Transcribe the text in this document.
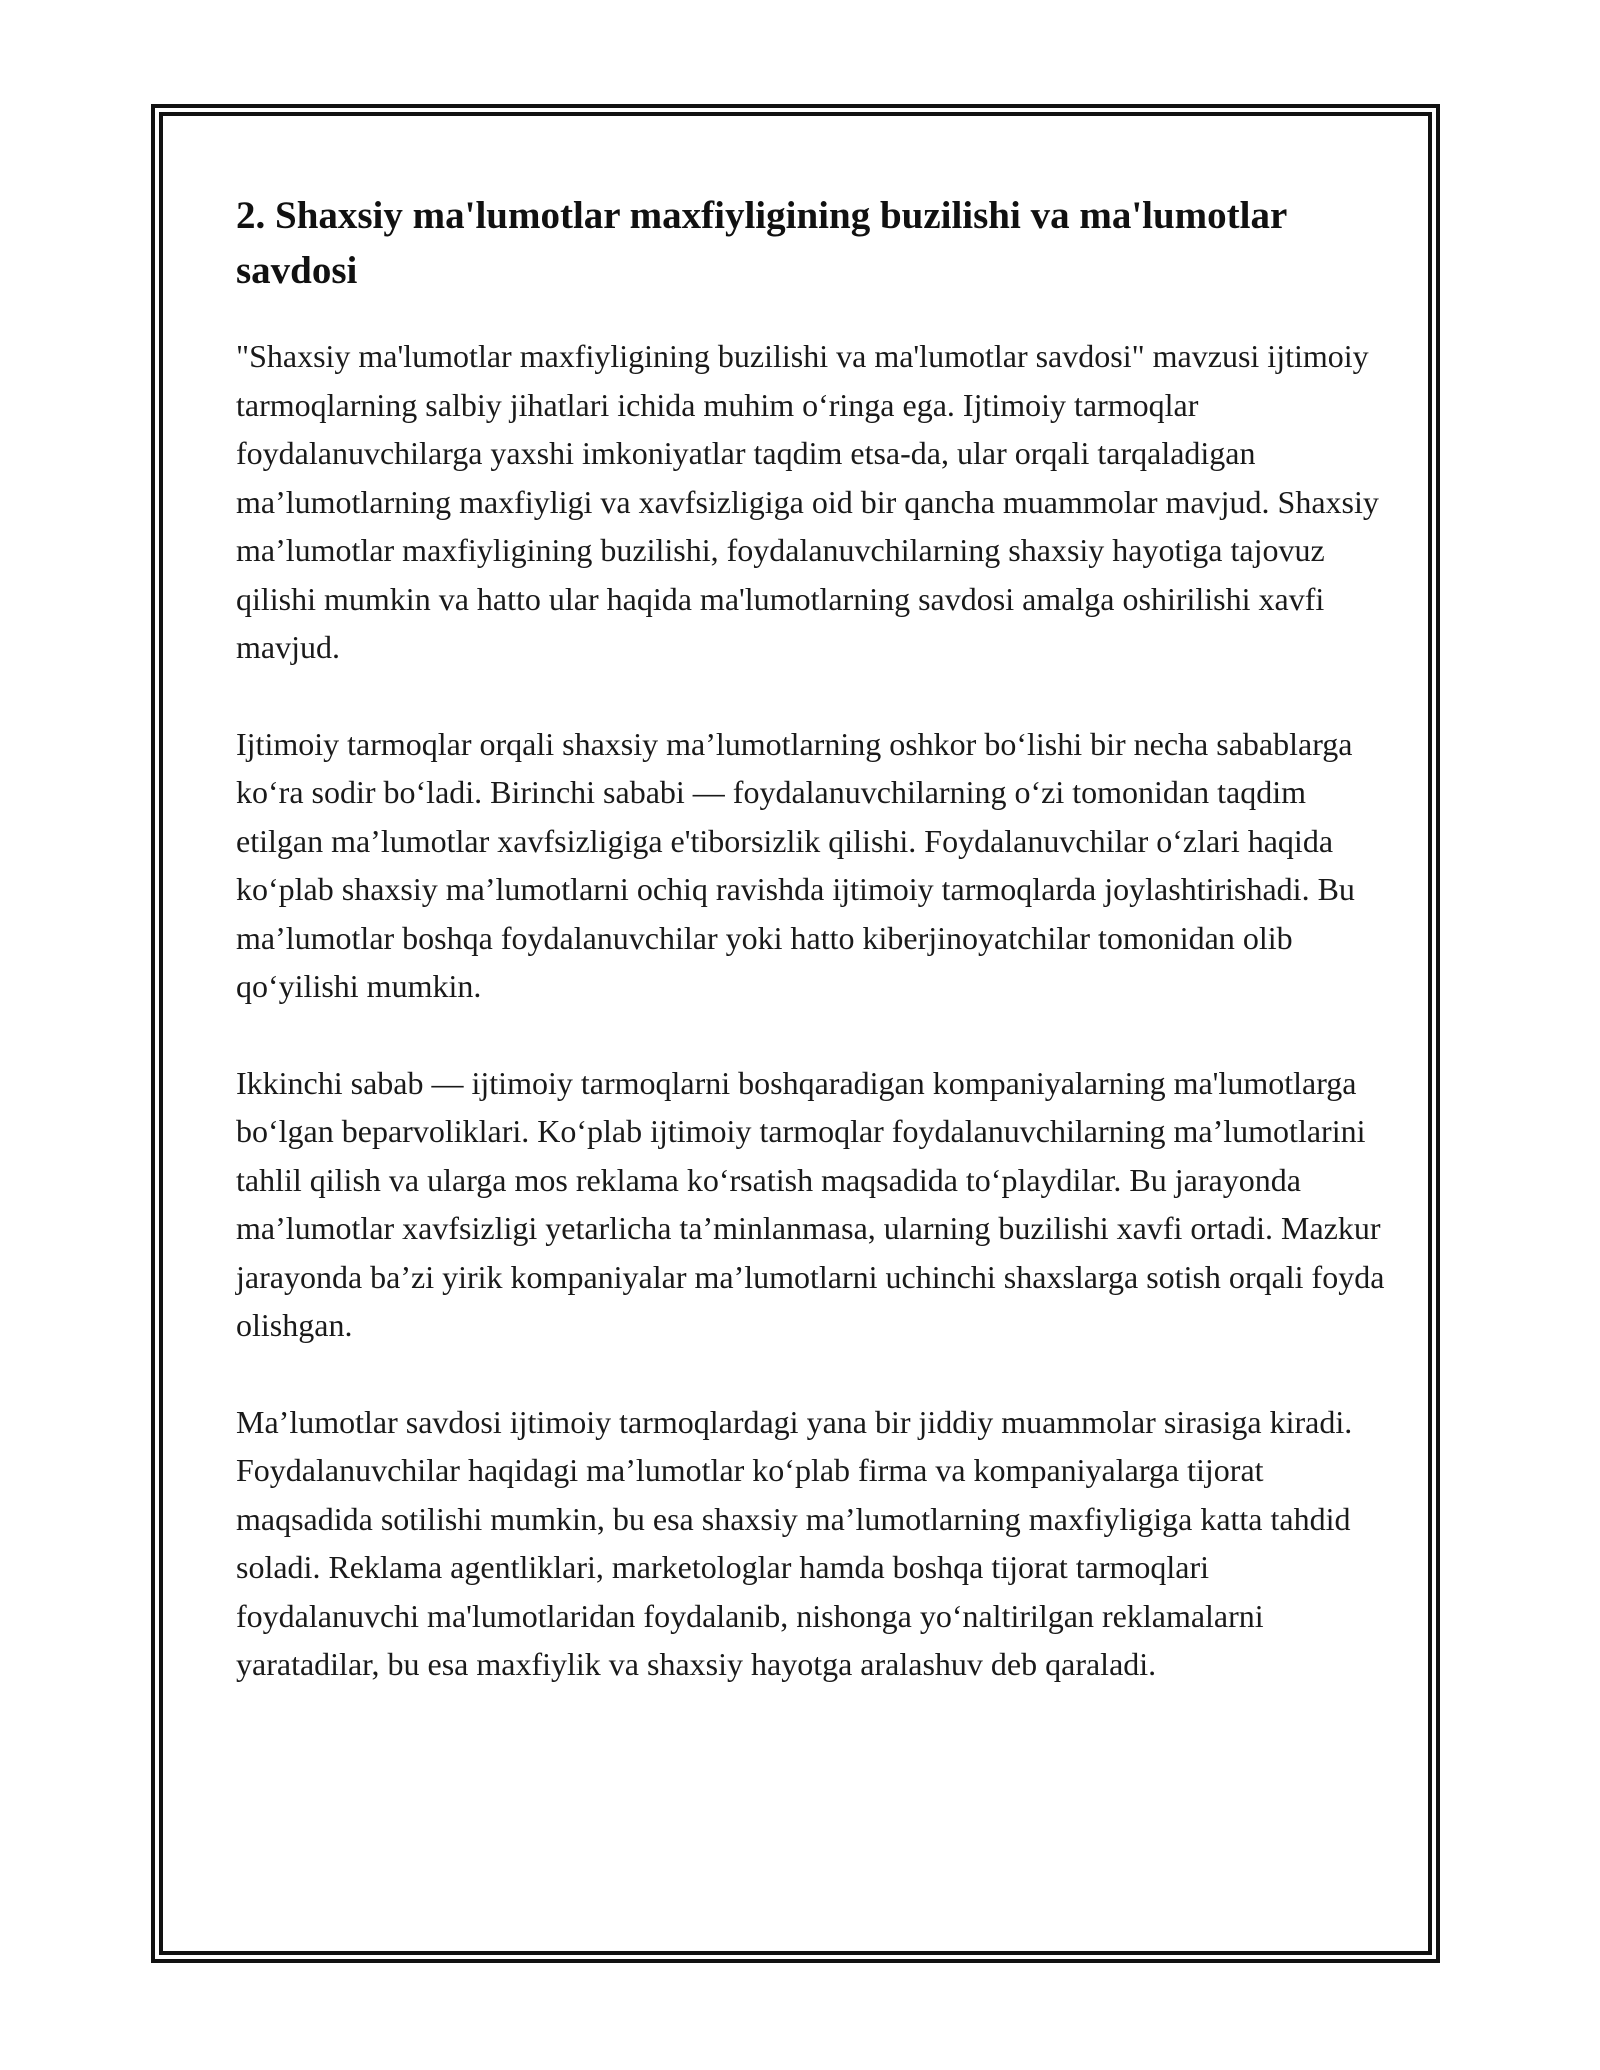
2. Shaxsiy ma'lumotlar maxfiyligining buzilishi va ma'lumotlar savdosi

"Shaxsiy ma'lumotlar maxfiyligining buzilishi va ma'lumotlar savdosi" mavzusi ijtimoiy tarmoqlarning salbiy jihatlari ichida muhim o‘ringa ega. Ijtimoiy tarmoqlar foydalanuvchilarga yaxshi imkoniyatlar taqdim etsa-da, ular orqali tarqaladigan ma’lumotlarning maxfiyligi va xavfsizligiga oid bir qancha muammolar mavjud. Shaxsiy ma’lumotlar maxfiyligining buzilishi, foydalanuvchilarning shaxsiy hayotiga tajovuz qilishi mumkin va hatto ular haqida ma'lumotlarning savdosi amalga oshirilishi xavfi mavjud.

Ijtimoiy tarmoqlar orqali shaxsiy ma’lumotlarning oshkor bo‘lishi bir necha sabablarga ko‘ra sodir bo‘ladi. Birinchi sababi — foydalanuvchilarning o‘zi tomonidan taqdim etilgan ma’lumotlar xavfsizligiga e'tiborsizlik qilishi. Foydalanuvchilar o‘zlari haqida ko‘plab shaxsiy ma’lumotlarni ochiq ravishda ijtimoiy tarmoqlarda joylashtirishadi. Bu ma’lumotlar boshqa foydalanuvchilar yoki hatto kiberjinoyatchilar tomonidan olib qo‘yilishi mumkin.

Ikkinchi sabab — ijtimoiy tarmoqlarni boshqaradigan kompaniyalarning ma'lumotlarga bo‘lgan beparvoliklari. Ko‘plab ijtimoiy tarmoqlar foydalanuvchilarning ma’lumotlarini tahlil qilish va ularga mos reklama ko‘rsatish maqsadida to‘playdilar. Bu jarayonda ma’lumotlar xavfsizligi yetarlicha ta’minlanmasa, ularning buzilishi xavfi ortadi. Mazkur jarayonda ba’zi yirik kompaniyalar ma’lumotlarni uchinchi shaxslarga sotish orqali foyda olishgan.

Ma’lumotlar savdosi ijtimoiy tarmoqlardagi yana bir jiddiy muammolar sirasiga kiradi. Foydalanuvchilar haqidagi ma’lumotlar ko‘plab firma va kompaniyalarga tijorat maqsadida sotilishi mumkin, bu esa shaxsiy ma’lumotlarning maxfiyligiga katta tahdid soladi. Reklama agentliklari, marketologlar hamda boshqa tijorat tarmoqlari foydalanuvchi ma'lumotlaridan foydalanib, nishonga yo‘naltirilgan reklamalarni yaratadilar, bu esa maxfiylik va shaxsiy hayotga aralashuv deb qaraladi.
